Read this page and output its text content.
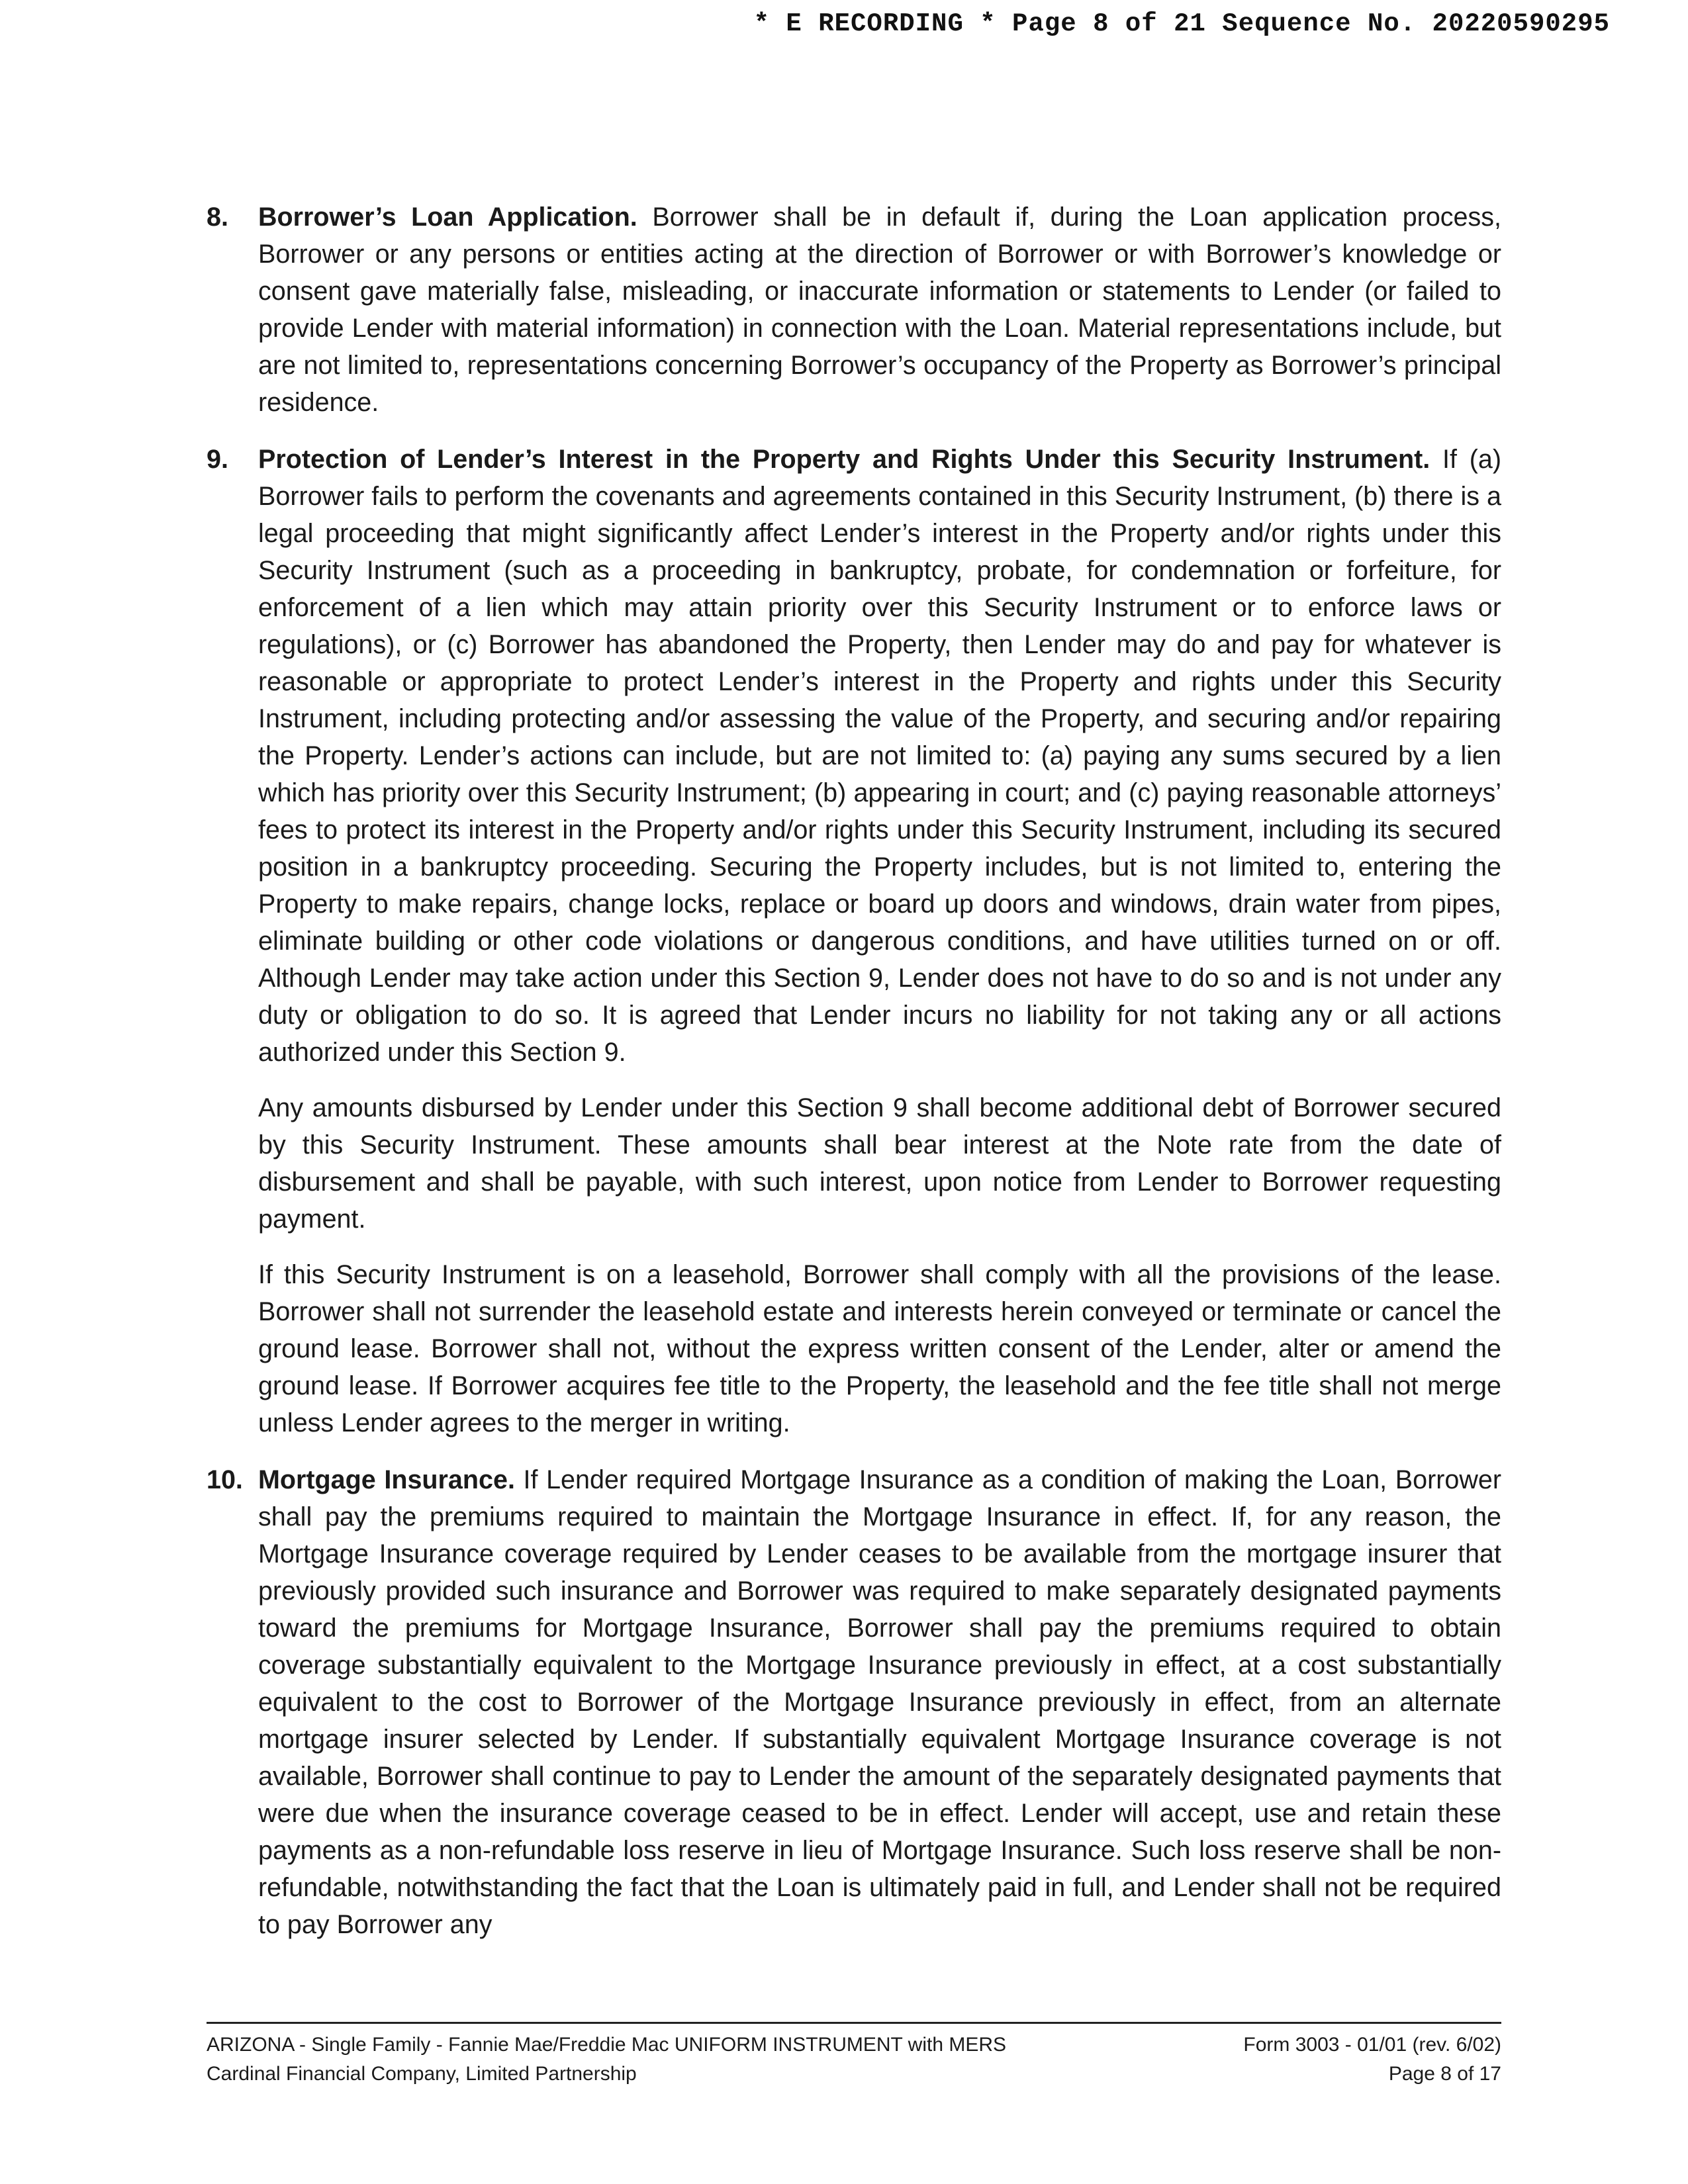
* E RECORDING * Page 8 of 21 Sequence No. 20220590295
8. Borrower’s Loan Application. Borrower shall be in default if, during the Loan application process, Borrower or any persons or entities acting at the direction of Borrower or with Borrower’s knowledge or consent gave materially false, misleading, or inaccurate information or statements to Lender (or failed to provide Lender with material information) in connection with the Loan. Material representations include, but are not limited to, representations concerning Borrower’s occupancy of the Property as Borrower’s principal residence.

9. Protection of Lender’s Interest in the Property and Rights Under this Security Instrument. If (a) Borrower fails to perform the covenants and agreements contained in this Security Instrument, (b) there is a legal proceeding that might significantly affect Lender’s interest in the Property and/or rights under this Security Instrument (such as a proceeding in bankruptcy, probate, for condemnation or forfeiture, for enforcement of a lien which may attain priority over this Security Instrument or to enforce laws or regulations), or (c) Borrower has abandoned the Property, then Lender may do and pay for whatever is reasonable or appropriate to protect Lender’s interest in the Property and rights under this Security Instrument, including protecting and/or assessing the value of the Property, and securing and/or repairing the Property. Lender’s actions can include, but are not limited to: (a) paying any sums secured by a lien which has priority over this Security Instrument; (b) appearing in court; and (c) paying reasonable attorneys’ fees to protect its interest in the Property and/or rights under this Security Instrument, including its secured position in a bankruptcy proceeding. Securing the Property includes, but is not limited to, entering the Property to make repairs, change locks, replace or board up doors and windows, drain water from pipes, eliminate building or other code violations or dangerous conditions, and have utilities turned on or off. Although Lender may take action under this Section 9, Lender does not have to do so and is not under any duty or obligation to do so. It is agreed that Lender incurs no liability for not taking any or all actions authorized under this Section 9.

Any amounts disbursed by Lender under this Section 9 shall become additional debt of Borrower secured by this Security Instrument. These amounts shall bear interest at the Note rate from the date of disbursement and shall be payable, with such interest, upon notice from Lender to Borrower requesting payment.

If this Security Instrument is on a leasehold, Borrower shall comply with all the provisions of the lease. Borrower shall not surrender the leasehold estate and interests herein conveyed or terminate or cancel the ground lease. Borrower shall not, without the express written consent of the Lender, alter or amend the ground lease. If Borrower acquires fee title to the Property, the leasehold and the fee title shall not merge unless Lender agrees to the merger in writing.

10. Mortgage Insurance. If Lender required Mortgage Insurance as a condition of making the Loan, Borrower shall pay the premiums required to maintain the Mortgage Insurance in effect. If, for any reason, the Mortgage Insurance coverage required by Lender ceases to be available from the mortgage insurer that previously provided such insurance and Borrower was required to make separately designated payments toward the premiums for Mortgage Insurance, Borrower shall pay the premiums required to obtain coverage substantially equivalent to the Mortgage Insurance previously in effect, at a cost substantially equivalent to the cost to Borrower of the Mortgage Insurance previously in effect, from an alternate mortgage insurer selected by Lender. If substantially equivalent Mortgage Insurance coverage is not available, Borrower shall continue to pay to Lender the amount of the separately designated payments that were due when the insurance coverage ceased to be in effect. Lender will accept, use and retain these payments as a non-refundable loss reserve in lieu of Mortgage Insurance. Such loss reserve shall be non-refundable, notwithstanding the fact that the Loan is ultimately paid in full, and Lender shall not be required to pay Borrower any

ARIZONA - Single Family - Fannie Mae/Freddie Mac UNIFORM INSTRUMENT with MERS	Form 3003 - 01/01 (rev. 6/02)
Cardinal Financial Company, Limited Partnership	Page 8 of 17
